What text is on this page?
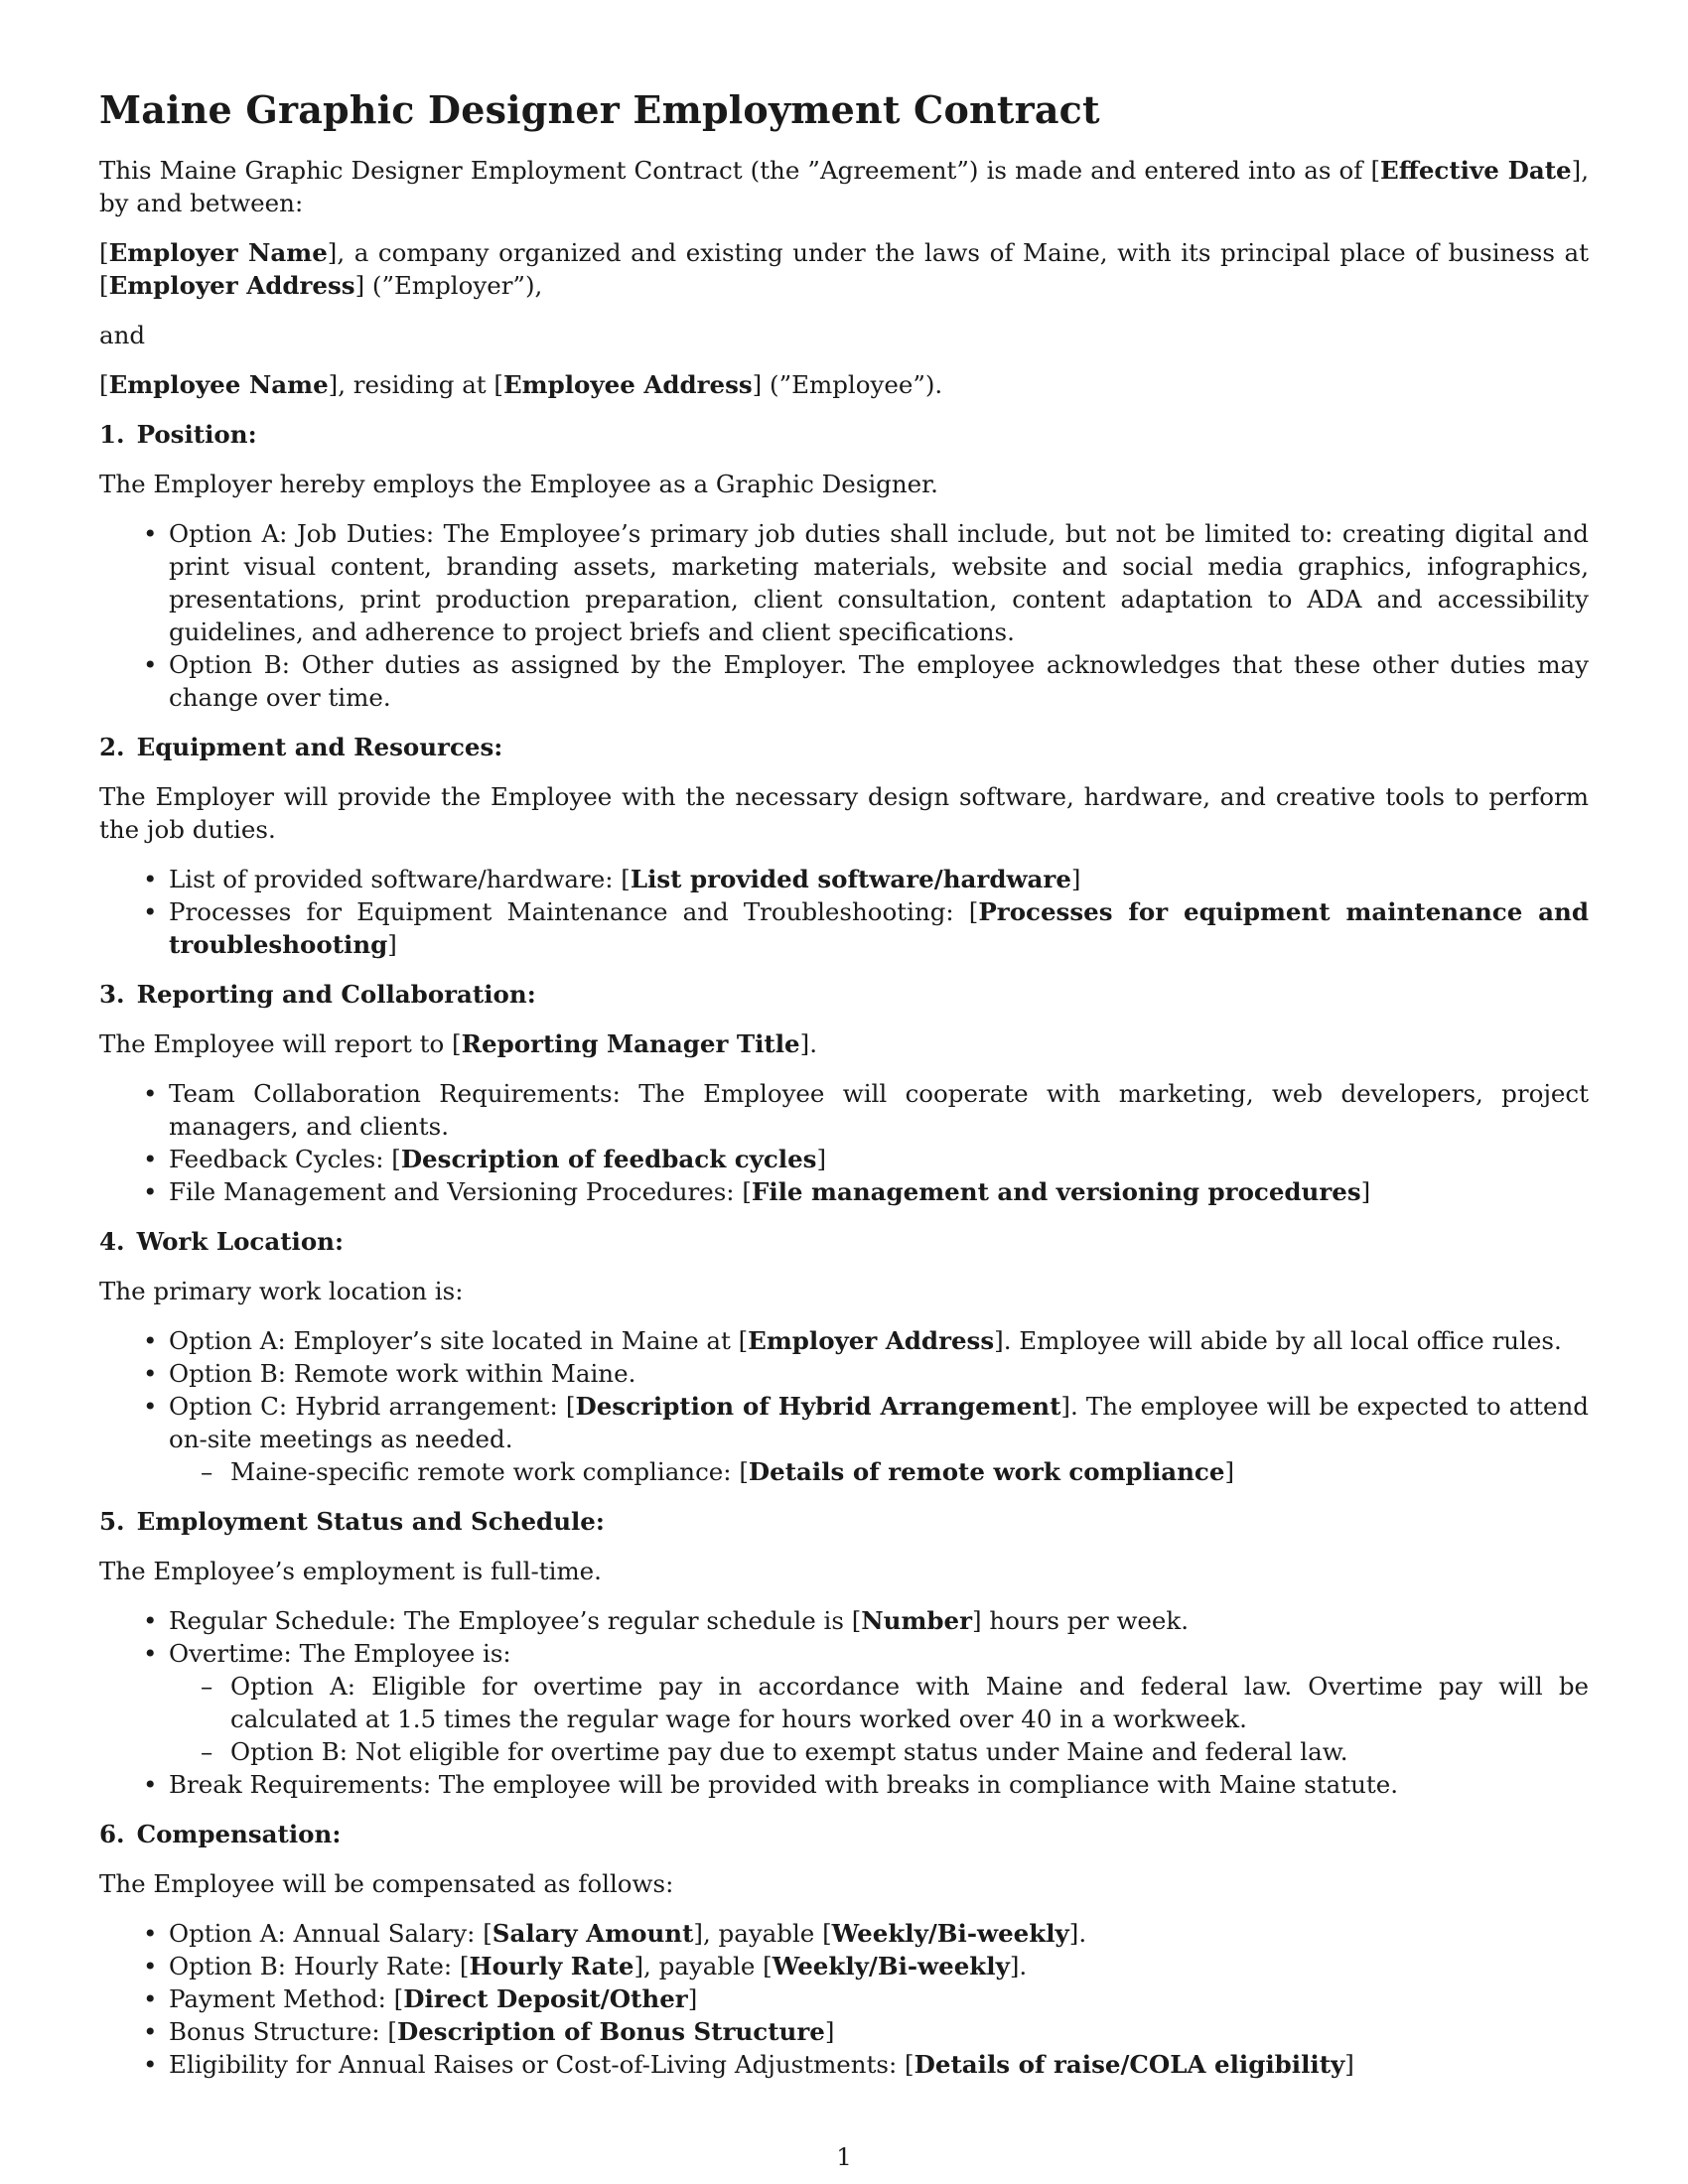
Maine Graphic Designer Employment Contract

This Maine Graphic Designer Employment Contract (the ”Agreement”) is made and entered into as of [Effective Date], by and between:

[Employer Name], a company organized and existing under the laws of Maine, with its principal place of business at [Employer Address] (”Employer”),

and

[Employee Name], residing at [Employee Address] (”Employee”).

1. Position:

The Employer hereby employs the Employee as a Graphic Designer.

• Option A: Job Duties: The Employee’s primary job duties shall include, but not be limited to: creating digital and print visual content, branding assets, marketing materials, website and social media graphics, infographics, presentations, print production preparation, client consultation, content adaptation to ADA and accessibility guidelines, and adherence to project briefs and client specifications.
• Option B: Other duties as assigned by the Employer. The employee acknowledges that these other duties may change over time.
2. Equipment and Resources:

The Employer will provide the Employee with the necessary design software, hardware, and creative tools to perform the job duties.

• List of provided software/hardware: [List provided software/hardware]
• Processes for Equipment Maintenance and Troubleshooting: [Processes for equipment maintenance and troubleshooting]
3. Reporting and Collaboration:

The Employee will report to [Reporting Manager Title].

• Team Collaboration Requirements: The Employee will cooperate with marketing, web developers, project managers, and clients.
• Feedback Cycles: [Description of feedback cycles]
• File Management and Versioning Procedures: [File management and versioning procedures]
4. Work Location:

The primary work location is:

• Option A: Employer’s site located in Maine at [Employer Address]. Employee will abide by all local office rules.
• Option B: Remote work within Maine.
• Option C: Hybrid arrangement: [Description of Hybrid Arrangement]. The employee will be expected to attend on-site meetings as needed.
– Maine-specific remote work compliance: [Details of remote work compliance]
5. Employment Status and Schedule:

The Employee’s employment is full-time.

• Regular Schedule: The Employee’s regular schedule is [Number] hours per week.
• Overtime: The Employee is:
– Option A: Eligible for overtime pay in accordance with Maine and federal law. Overtime pay will be calculated at 1.5 times the regular wage for hours worked over 40 in a workweek.
– Option B: Not eligible for overtime pay due to exempt status under Maine and federal law.
• Break Requirements: The employee will be provided with breaks in compliance with Maine statute.
6. Compensation:

The Employee will be compensated as follows:

• Option A: Annual Salary: [Salary Amount], payable [Weekly/Bi-weekly].
• Option B: Hourly Rate: [Hourly Rate], payable [Weekly/Bi-weekly].
• Payment Method: [Direct Deposit/Other]
• Bonus Structure: [Description of Bonus Structure]
• Eligibility for Annual Raises or Cost-of-Living Adjustments: [Details of raise/COLA eligibility]
1
